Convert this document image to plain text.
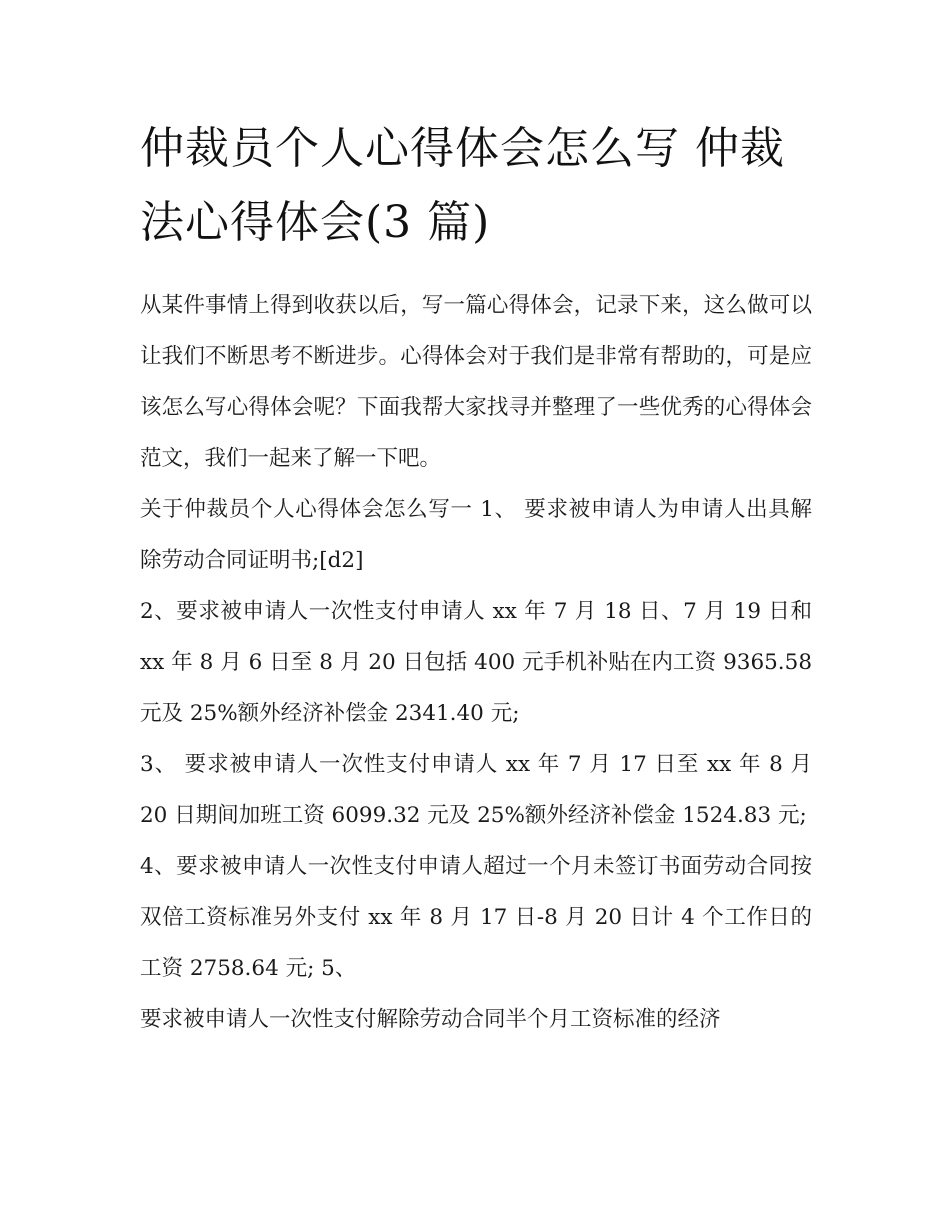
仲裁员个人心得体会怎么写 仲裁法心得体会(3 篇)

从某件事情上得到收获以后，写一篇心得体会，记录下来，这么做可以让我们不断思考不断进步。心得体会对于我们是非常有帮助的，可是应该怎么写心得体会呢？下面我帮大家找寻并整理了一些优秀的心得体会范文，我们一起来了解一下吧。

关于仲裁员个人心得体会怎么写一 1、 要求被申请人为申请人出具解除劳动合同证明书;[d2]

2、要求被申请人一次性支付申请人 xx 年 7 月 18 日、7 月 19 日和 xx 年 8 月 6 日至 8 月 20 日包括 400 元手机补贴在内工资 9365.58 元及 25%额外经济补偿金 2341.40 元;

3、 要求被申请人一次性支付申请人 xx 年 7 月 17 日至 xx 年 8 月 20 日期间加班工资 6099.32 元及 25%额外经济补偿金 1524.83 元;

4、要求被申请人一次性支付申请人超过一个月未签订书面劳动合同按双倍工资标准另外支付 xx 年 8 月 17 日-8 月 20 日计 4 个工作日的工资 2758.64 元; 5、

要求被申请人一次性支付解除劳动合同半个月工资标准的经济
